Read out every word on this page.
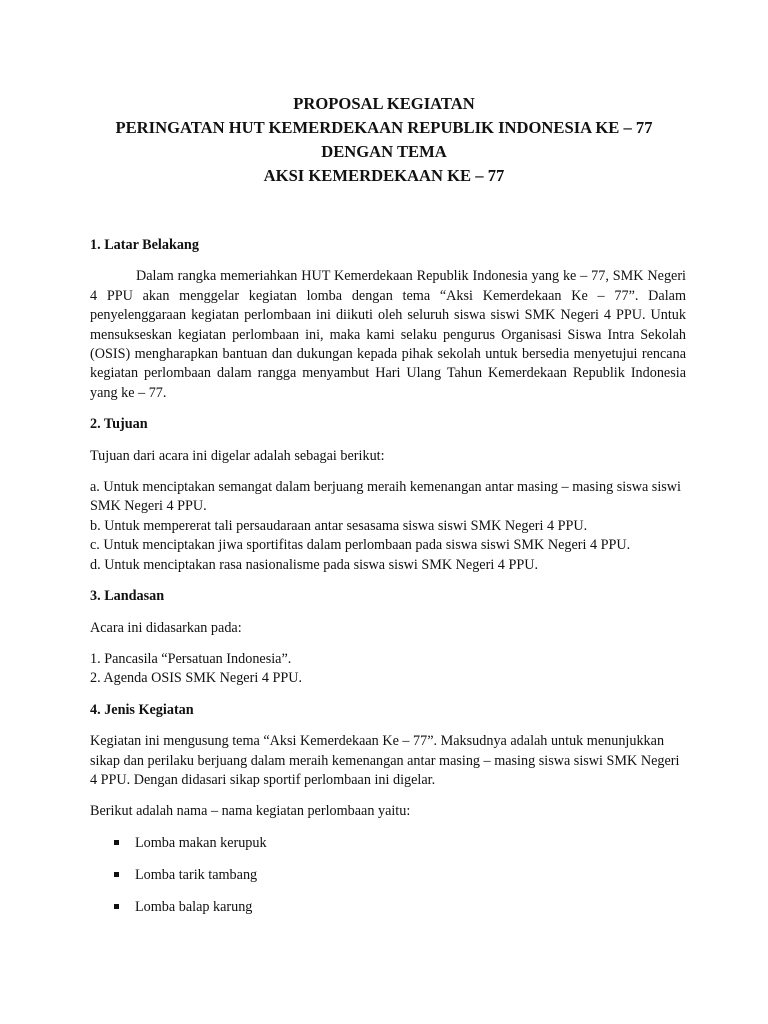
PROPOSAL KEGIATAN
PERINGATAN HUT KEMERDEKAAN REPUBLIK INDONESIA KE – 77
DENGAN TEMA
AKSI KEMERDEKAAN KE – 77
1. Latar Belakang

Dalam rangka memeriahkan HUT Kemerdekaan Republik Indonesia yang ke – 77, SMK Negeri 4 PPU akan menggelar kegiatan lomba dengan tema “Aksi Kemerdekaan Ke – 77”. Dalam penyelenggaraan kegiatan perlombaan ini diikuti oleh seluruh siswa siswi SMK Negeri 4 PPU. Untuk mensukseskan kegiatan perlombaan ini, maka kami selaku pengurus Organisasi Siswa Intra Sekolah (OSIS) mengharapkan bantuan dan dukungan kepada pihak sekolah untuk bersedia menyetujui rencana kegiatan perlombaan dalam rangga menyambut Hari Ulang Tahun Kemerdekaan Republik Indonesia yang ke – 77.

2. Tujuan

Tujuan dari acara ini digelar adalah sebagai berikut:

a. Untuk menciptakan semangat dalam berjuang meraih kemenangan antar masing – masing siswa siswi SMK Negeri 4 PPU.
b. Untuk mempererat tali persaudaraan antar sesasama siswa siswi SMK Negeri 4 PPU.
c. Untuk menciptakan jiwa sportifitas dalam perlombaan pada siswa siswi SMK Negeri 4 PPU.
d. Untuk menciptakan rasa nasionalisme pada siswa siswi SMK Negeri 4 PPU.
3. Landasan

Acara ini didasarkan pada:

1. Pancasila “Persatuan Indonesia”.
2. Agenda OSIS SMK Negeri 4 PPU.
4. Jenis Kegiatan

Kegiatan ini mengusung tema “Aksi Kemerdekaan Ke – 77”. Maksudnya adalah untuk menunjukkan sikap dan perilaku berjuang dalam meraih kemenangan antar masing – masing siswa siswi SMK Negeri 4 PPU. Dengan didasari sikap sportif perlombaan ini digelar.

Berikut adalah nama – nama kegiatan perlombaan yaitu:

Lomba makan kerupuk
Lomba tarik tambang
Lomba balap karung
